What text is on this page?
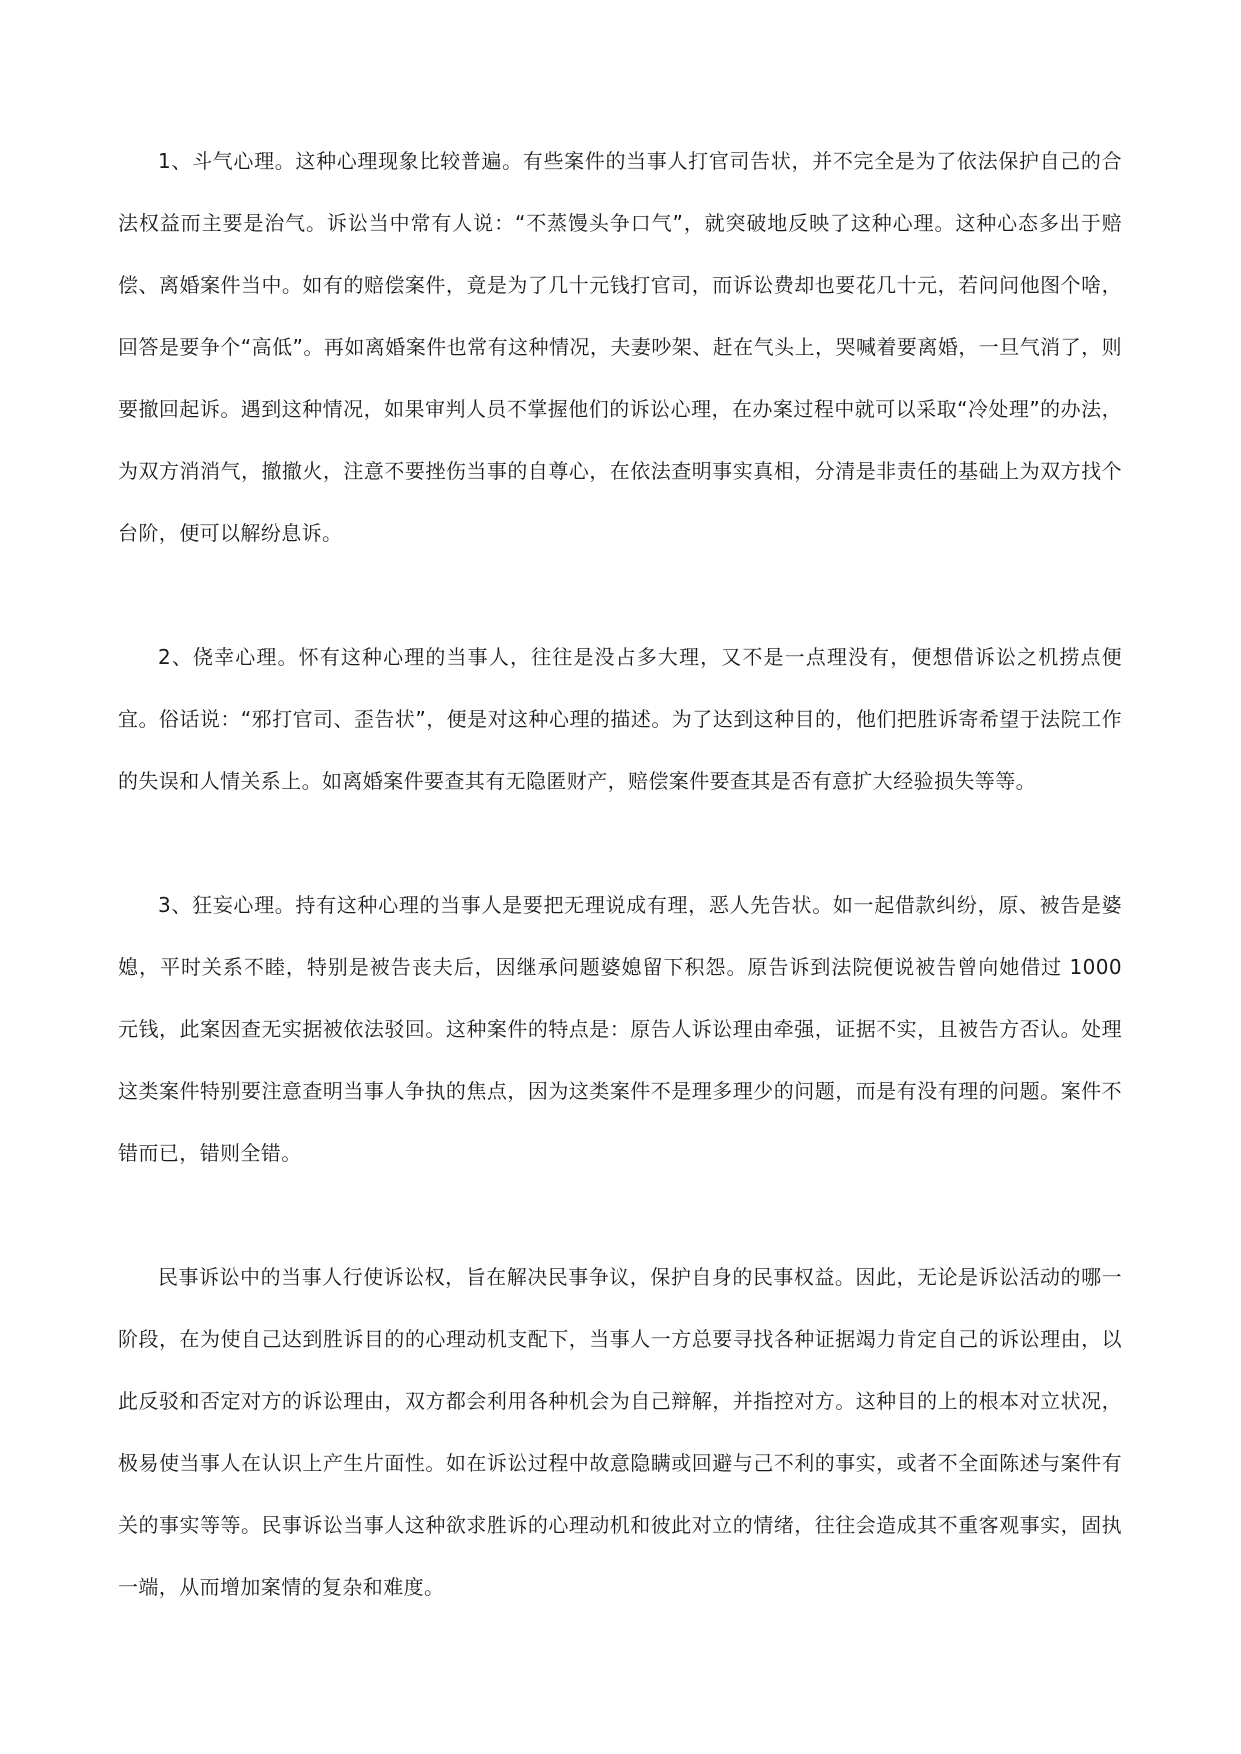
1、斗气心理。这种心理现象比较普遍。有些案件的当事人打官司告状，并不完全是为了依法保护自己的合法权益而主要是治气。诉讼当中常有人说：“不蒸馒头争口气”，就突破地反映了这种心理。这种心态多出于赔偿、离婚案件当中。如有的赔偿案件，竟是为了几十元钱打官司，而诉讼费却也要花几十元，若问问他图个啥，回答是要争个“高低”。再如离婚案件也常有这种情况，夫妻吵架、赶在气头上，哭喊着要离婚，一旦气消了，则要撤回起诉。遇到这种情况，如果审判人员不掌握他们的诉讼心理，在办案过程中就可以采取“冷处理”的办法，为双方消消气，撤撤火，注意不要挫伤当事的自尊心，在依法查明事实真相，分清是非责任的基础上为双方找个台阶，便可以解纷息诉。

2、侥幸心理。怀有这种心理的当事人，往往是没占多大理，又不是一点理没有，便想借诉讼之机捞点便宜。俗话说：“邪打官司、歪告状”，便是对这种心理的描述。为了达到这种目的，他们把胜诉寄希望于法院工作的失误和人情关系上。如离婚案件要查其有无隐匿财产，赔偿案件要查其是否有意扩大经验损失等等。

3、狂妄心理。持有这种心理的当事人是要把无理说成有理，恶人先告状。如一起借款纠纷，原、被告是婆媳，平时关系不睦，特别是被告丧夫后，因继承问题婆媳留下积怨。原告诉到法院便说被告曾向她借过 1000 元钱，此案因查无实据被依法驳回。这种案件的特点是：原告人诉讼理由牵强，证据不实，且被告方否认。处理这类案件特别要注意查明当事人争执的焦点，因为这类案件不是理多理少的问题，而是有没有理的问题。案件不错而已，错则全错。

民事诉讼中的当事人行使诉讼权，旨在解决民事争议，保护自身的民事权益。因此，无论是诉讼活动的哪一阶段，在为使自己达到胜诉目的的心理动机支配下，当事人一方总要寻找各种证据竭力肯定自己的诉讼理由，以此反驳和否定对方的诉讼理由，双方都会利用各种机会为自己辩解，并指控对方。这种目的上的根本对立状况，极易使当事人在认识上产生片面性。如在诉讼过程中故意隐瞒或回避与己不利的事实，或者不全面陈述与案件有关的事实等等。民事诉讼当事人这种欲求胜诉的心理动机和彼此对立的情绪，往往会造成其不重客观事实，固执一端，从而增加案情的复杂和难度。
